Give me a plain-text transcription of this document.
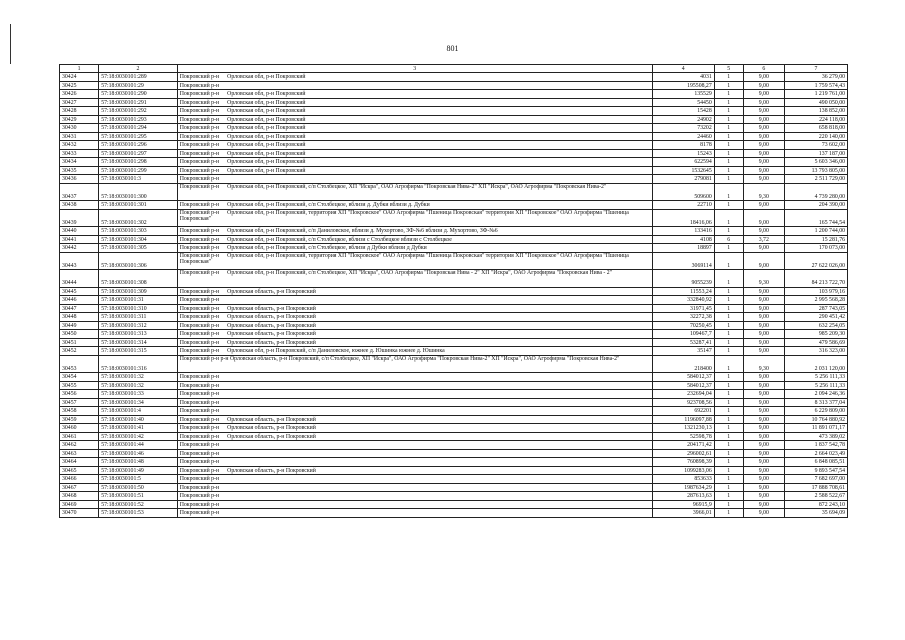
801
1	2	3	4	5	6	7
30424	57:18:0030101:289	Покровский р-н Орловская обл, р-н Покровский	4031	1	9,00	36 279,00
30425	57:18:0030101:29	Покровский р-н	195508,27	1	9,00	1 759 574,43
30426	57:18:0030101:290	Покровский р-н Орловская обл, р-н Покровский	135529	1	9,00	1 219 761,00
30427	57:18:0030101:291	Покровский р-н Орловская обл, р-н Покровский	54450	1	9,00	490 050,00
30428	57:18:0030101:292	Покровский р-н Орловская обл, р-н Покровский	15428	1	9,00	138 852,00
30429	57:18:0030101:293	Покровский р-н Орловская обл, р-н Покровский	24902	1	9,00	224 118,00
30430	57:18:0030101:294	Покровский р-н Орловская обл, р-н Покровский	73202	1	9,00	658 818,00
30431	57:18:0030101:295	Покровский р-н Орловская обл, р-н Покровский	24460	1	9,00	220 140,00
30432	57:18:0030101:296	Покровский р-н Орловская обл, р-н Покровский	8178	1	9,00	73 602,00
30433	57:18:0030101:297	Покровский р-н Орловская обл, р-н Покровский	15243	1	9,00	137 187,00
30434	57:18:0030101:298	Покровский р-н Орловская обл, р-н Покровский	622594	1	9,00	5 603 346,00
30435	57:18:0030101:299	Покровский р-н Орловская обл, р-н Покровский	1532645	1	9,00	13 793 805,00
30436	57:18:0030101:3	Покровский р-н	279081	1	9,00	2 511 729,00
30437	57:18:0030101:300	Покровский р-н Орловская обл, р-н Покровский, с/п Столбецкое, ХП "Искра", ОАО Агрофирма "Покровская Нива-2" ХП "Искра", ОАО Агрофирма "Покровская Нива-2"	509600	1	9,30	4 739 280,00
30438	57:18:0030101:301	Покровский р-н Орловская обл, р-н Покровский, с/п Столбецкое, вблизи д. Дубки вблизи д. Дубки	22710	1	9,00	204 390,00
30439	57:18:0030101:302	Покровский р-н Орловская обл, р-н Покровский, территория ХП "Покровское" ОАО Агрофирма "Пшеница Покровская" территория ХП "Покровское" ОАО Агрофирма "Пшеница Покровская"	18416,06	1	9,00	165 744,54
30440	57:18:0030101:303	Покровский р-н Орловская обл, р-н Покровский, с/п Даниловское, вблизи д. Мухортово, ЗФ-№6 вблизи д. Мухортово, ЗФ-№6	133416	1	9,00	1 200 744,00
30441	57:18:0030101:304	Покровский р-н Орловская обл, р-н Покровский, с/п Столбецкое, вблизи с Столбецкое вблизи с Столбецкое	4108	6	3,72	15 281,76
30442	57:18:0030101:305	Покровский р-н Орловская обл, р-н Покровский, с/п Столбецкое, вблизи д Дубки вблизи д Дубки	18897	1	9,00	170 073,00
30443	57:18:0030101:306	Покровский р-н Орловская обл, р-н Покровский, территория ХП "Покровское" ОАО Агрофирма "Пшеница Покровская" территория ХП "Покровское" ОАО Агрофирма "Пшеница Покровская"	3069114	1	9,00	27 622 026,00
30444	57:18:0030101:308	Покровский р-н Орловская обл, р-н Покровский, с/п Столбецкое, ХП "Искра", ОАО Агрофирма "Покровская Нива - 2" ХП "Искра", ОАО Агрофирма "Покровская Нива - 2"	9055239	1	9,30	84 213 722,70
30445	57:18:0030101:309	Покровский р-н Орловская область, р-н Покровский	11553,24	1	9,00	103 979,16
30446	57:18:0030101:31	Покровский р-н	332840,92	1	9,00	2 995 568,28
30447	57:18:0030101:310	Покровский р-н Орловская область, р-н Покровский	31971,45	1	9,00	287 743,05
30448	57:18:0030101:311	Покровский р-н Орловская область, р-н Покровский	32272,38	1	9,00	290 451,42
30449	57:18:0030101:312	Покровский р-н Орловская область, р-н Покровский	70250,45	1	9,00	632 254,05
30450	57:18:0030101:313	Покровский р-н Орловская область, р-н Покровский	109467,7	1	9,00	985 209,30
30451	57:18:0030101:314	Покровский р-н Орловская область, р-н Покровский	53287,41	1	9,00	479 586,69
30452	57:18:0030101:315	Покровский р-н Орловская обл, р-н Покровский, с/п Даниловское, южнее д. Юшинка южнее д. Юшинка	35147	1	9,00	316 323,00
30453	57:18:0030101:316	Покровский р-н р-н Орловская область, р-н Покровский, с/п Столбецкое, ХП "Искра", ОАО Агрофирма "Покровская Нива-2" ХП "Искра", ОАО Агрофирма "Покровская Нива-2"	218400	1	9,30	2 031 120,00
30454	57:18:0030101:32	Покровский р-н	584012,37	1	9,00	5 256 111,33
30455	57:18:0030101:32	Покровский р-н	584012,37	1	9,00	5 256 111,33
30456	57:18:0030101:33	Покровский р-н	232694,04	1	9,00	2 094 246,36
30457	57:18:0030101:34	Покровский р-н	923708,56	1	9,00	8 313 377,04
30458	57:18:0030101:4	Покровский р-н	692201	1	9,00	6 229 809,00
30459	57:18:0030101:40	Покровский р-н Орловская область, р-н Покровский	1196097,88	1	9,00	10 764 880,92
30460	57:18:0030101:41	Покровский р-н Орловская область, р-н Покровский	1321230,13	1	9,00	11 891 071,17
30461	57:18:0030101:42	Покровский р-н Орловская область, р-н Покровский	52598,78	1	9,00	473 389,02
30462	57:18:0030101:44	Покровский р-н	204171,42	1	9,00	1 837 542,78
30463	57:18:0030101:46	Покровский р-н	296002,61	1	9,00	2 664 023,49
30464	57:18:0030101:48	Покровский р-н	760898,39	1	9,00	6 848 085,51
30465	57:18:0030101:49	Покровский р-н Орловская область, р-н Покровский	1099283,06	1	9,00	9 893 547,54
30466	57:18:0030101:5	Покровский р-н	853633	1	9,00	7 682 697,00
30467	57:18:0030101:50	Покровский р-н	1987634,29	1	9,00	17 888 708,61
30468	57:18:0030101:51	Покровский р-н	287613,63	1	9,00	2 588 522,67
30469	57:18:0030101:52	Покровский р-н	96915,9	1	9,00	872 243,10
30470	57:18:0030101:53	Покровский р-н	3966,01	1	9,00	35 694,09
